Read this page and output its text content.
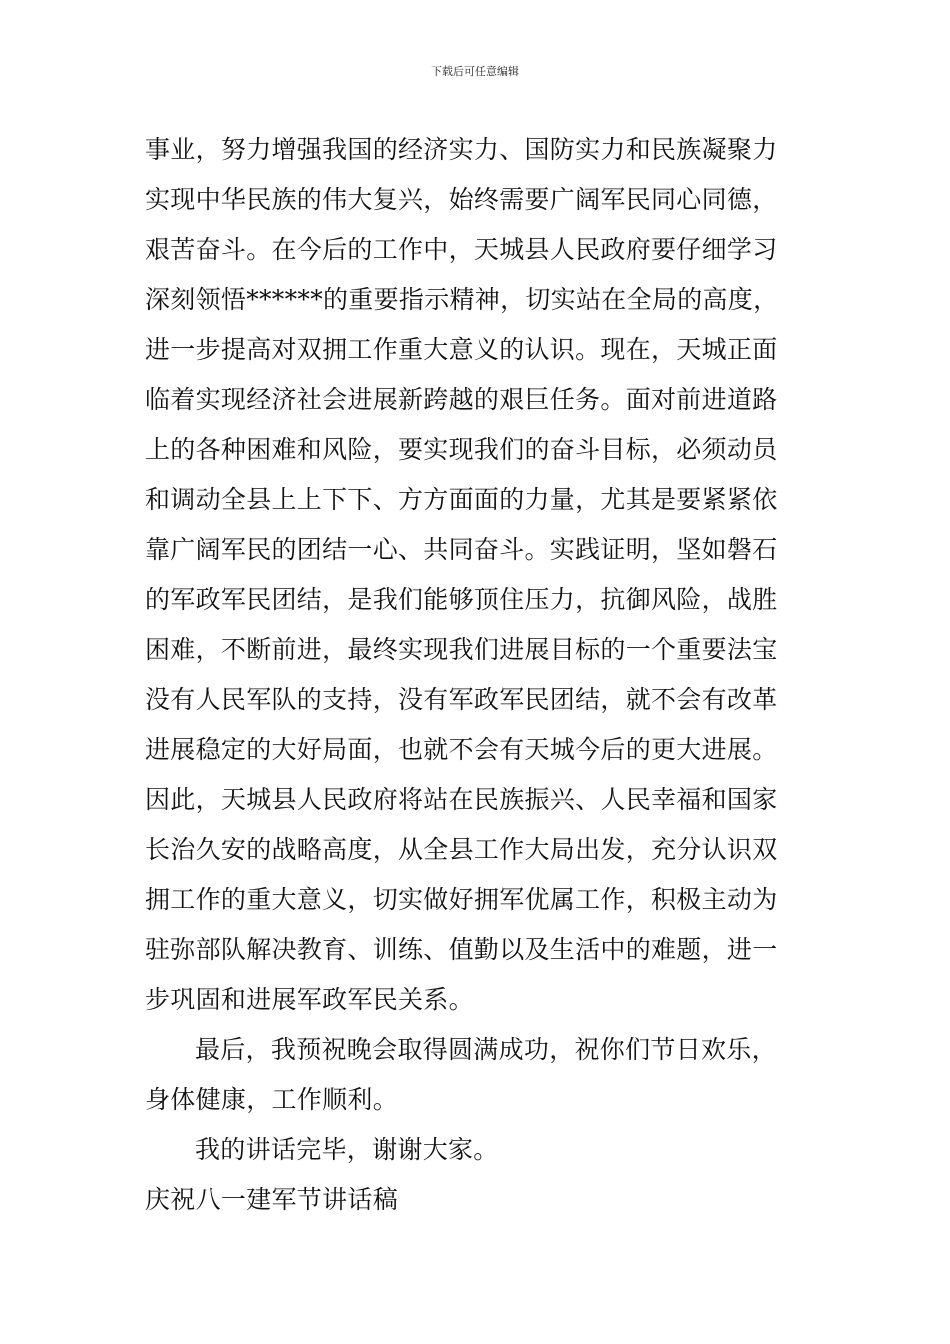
下载后可任意编辑
事业，努力增强我国的经济实力、国防实力和民族凝聚力
实现中华民族的伟大复兴，始终需要广阔军民同心同德，
艰苦奋斗。在今后的工作中，天城县人民政府要仔细学习
深刻领悟******的重要指示精神，切实站在全局的高度，
进一步提高对双拥工作重大意义的认识。现在，天城正面
临着实现经济社会进展新跨越的艰巨任务。面对前进道路
上的各种困难和风险，要实现我们的奋斗目标，必须动员
和调动全县上上下下、方方面面的力量，尤其是要紧紧依
靠广阔军民的团结一心、共同奋斗。实践证明，坚如磐石
的军政军民团结，是我们能够顶住压力，抗御风险，战胜
困难，不断前进，最终实现我们进展目标的一个重要法宝
没有人民军队的支持，没有军政军民团结，就不会有改革
进展稳定的大好局面，也就不会有天城今后的更大进展。
因此，天城县人民政府将站在民族振兴、人民幸福和国家
长治久安的战略高度，从全县工作大局出发，充分认识双
拥工作的重大意义，切实做好拥军优属工作，积极主动为
驻弥部队解决教育、训练、值勤以及生活中的难题，进一
步巩固和进展军政军民关系。
最后，我预祝晚会取得圆满成功，祝你们节日欢乐，
身体健康，工作顺利。
我的讲话完毕，谢谢大家。
庆祝八一建军节讲话稿
